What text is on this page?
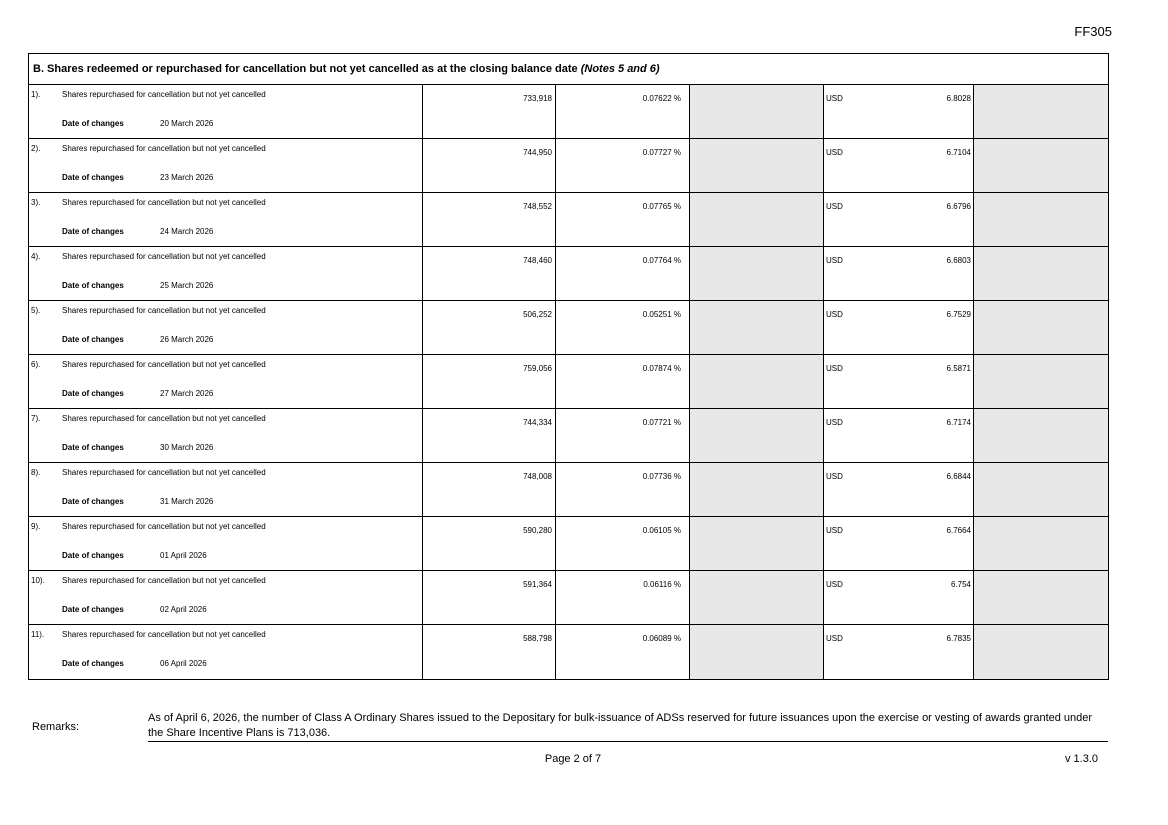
FF305
B. Shares redeemed or repurchased for cancellation but not yet cancelled as at the closing balance date (Notes 5 and 6)
1).	Shares repurchased for cancellation but not yet cancelled
Date of changes	20 March 2026
733,918	0.07622 %	USD	6.8028
2).	Shares repurchased for cancellation but not yet cancelled
Date of changes	23 March 2026
744,950	0.07727 %	USD	6.7104
3).	Shares repurchased for cancellation but not yet cancelled
Date of changes	24 March 2026
748,552	0.07765 %	USD	6.6796
4).	Shares repurchased for cancellation but not yet cancelled
Date of changes	25 March 2026
748,460	0.07764 %	USD	6.6803
5).	Shares repurchased for cancellation but not yet cancelled
Date of changes	26 March 2026
506,252	0.05251 %	USD	6.7529
6).	Shares repurchased for cancellation but not yet cancelled
Date of changes	27 March 2026
759,056	0.07874 %	USD	6.5871
7).	Shares repurchased for cancellation but not yet cancelled
Date of changes	30 March 2026
744,334	0.07721 %	USD	6.7174
8).	Shares repurchased for cancellation but not yet cancelled
Date of changes	31 March 2026
748,008	0.07736 %	USD	6.6844
9).	Shares repurchased for cancellation but not yet cancelled
Date of changes	01 April 2026
590,280	0.06105 %	USD	6.7664
10). Shares repurchased for cancellation but not yet cancelled
Date of changes	02 April 2026
591,364	0.06116 %	USD	6.754
11). Shares repurchased for cancellation but not yet cancelled
Date of changes	06 April 2026
588,798	0.06089 %	USD	6.7835
Remarks:
As of April 6, 2026, the number of Class A Ordinary Shares issued to the Depositary for bulk-issuance of ADSs reserved for future issuances upon the exercise or vesting of awards granted under the Share Incentive Plans is 713,036.
Page 2 of 7	v 1.3.0
